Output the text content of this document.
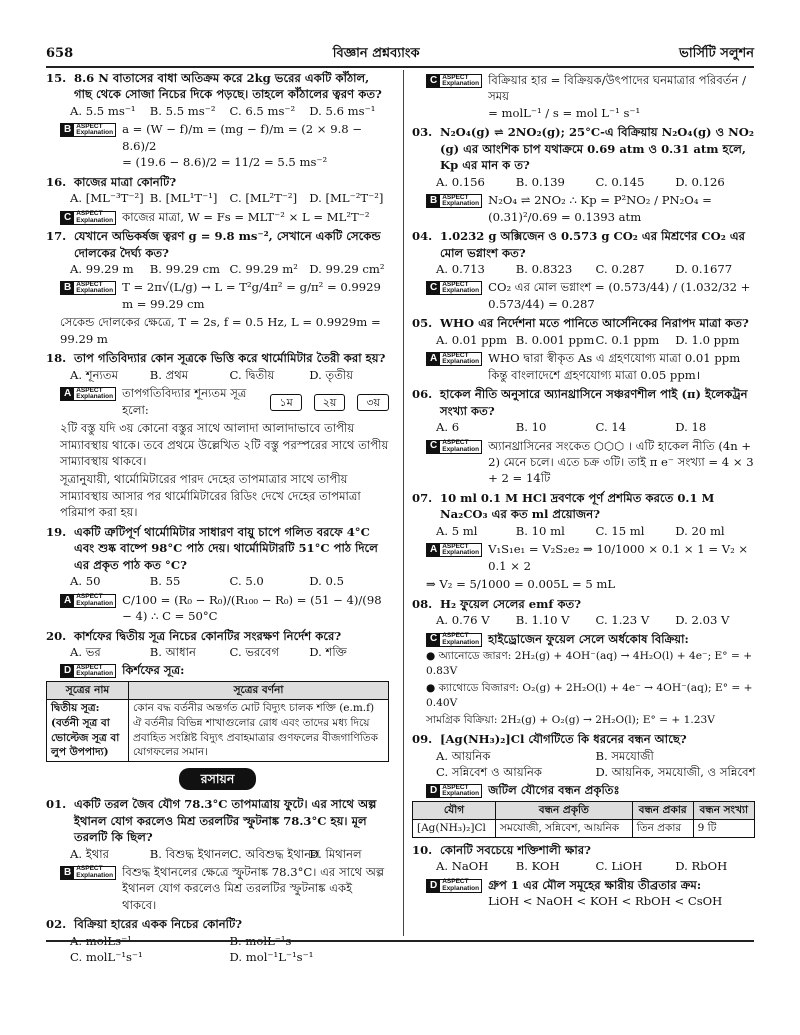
658	বিজ্ঞান প্রশ্নব্যাংক	ভার্সিটি সলুশন
15. 8.6 N বাতাসের বাধা অতিক্রম করে 2kg ভরের একটি কাঁঠাল, গাছ থেকে সোজা নিচের দিকে পড়ছে। তাহলে কাঁঠালের ত্বরণ কত?
A. 5.5 ms⁻¹	B. 5.5 ms⁻²	C. 6.5 ms⁻²	D. 5.6 ms⁻¹
B ASPECT
Explanation a = (W − f)/m = (mg − f)/m = (2 × 9.8 − 8.6)/2
= (19.6 − 8.6)/2 = 11/2 = 5.5 ms⁻²
16. কাজের মাত্রা কোনটি?
A. [ML⁻³T⁻²] B. [ML¹T⁻¹]	C. [ML²T⁻²]	D. [ML⁻²T⁻²]
C ASPECT
Explanation কাজের মাত্রা, W = Fs = MLT⁻² × L = ML²T⁻²
17. যেখানে অভিকর্ষজ ত্বরণ g = 9.8 ms⁻², সেখানে একটি সেকেন্ড দোলকের দৈর্ঘ্য কত?
A. 99.29 m	B. 99.29 cm C. 99.29 m² D. 99.29 cm²
B ASPECT
Explanation T = 2π√(L/g) → L = T²g/4π² = g/π² = 0.9929 m = 99.29 cm
সেকেন্ড দোলকের ক্ষেত্রে, T = 2s, f = 0.5 Hz, L = 0.9929m = 99.29 m
18. তাপ গতিবিদ্যার কোন সূত্রকে ভিত্তি করে থার্মোমিটার তৈরী করা হয়?
A. শূন্যতম	B. প্রথম	C. দ্বিতীয়	D. তৃতীয়
A ASPECT
Explanation তাপগতিবিদ্যার শূন্যতম সূত্র হলো:
১ম	২য়	৩য়
২টি বস্তু যদি ৩য় কোনো বস্তুর সাথে আলাদা আলাদাভাবে তাপীয় সাম্যাবস্থায় থাকে। তবে প্রথমে উল্লেখিত ২টি বস্তু পরস্পরের সাথে তাপীয় সাম্যাবস্থায় থাকবে।
সূত্রানুযায়ী, থার্মোমিটারের পারদ দেহের তাপমাত্রার সাথে তাপীয় সাম্যাবস্থায় আসার পর থার্মোমিটারের রিডিং দেখে দেহের তাপমাত্রা পরিমাপ করা হয়।
19. একটি ত্রুটিপূর্ণ থার্মোমিটার সাধারণ বায়ু চাপে গলিত বরফে 4°C এবং শুষ্ক বাষ্পে 98°C পাঠ দেয়। থার্মোমিটারটি 51°C পাঠ দিলে এর প্রকৃত পাঠ কত °C?
A. 50	B. 55	C. 5.0	D. 0.5
A ASPECT
Explanation C/100 = (R₀ − R₀)/(R₁₀₀ − R₀) = (51 − 4)/(98 − 4) ∴ C = 50°C
20. কার্শফের দ্বিতীয় সূত্র নিচের কোনটির সংরক্ষণ নির্দেশ করে?
A. ভর	B. আধান	C. ভরবেগ	D. শক্তি
D ASPECT
Explanation কির্শফের সূত্র:
সূত্রের নাম	সূত্রের বর্ণনা
দ্বিতীয় সূত্র: (বর্তনী সূত্র বা ভোল্টেজ সূত্র বা লুপ উপপাদ্য)	কোন বদ্ধ বর্তনীর অন্তর্গত মোট বিদ্যুৎ চালক শক্তি (e.m.f) ঐ বর্তনীর বিভিন্ন শাখাগুলোর রোধ এবং তাদের মধ্য দিয়ে প্রবাহিত সংশ্লিষ্ট বিদ্যুৎ প্রবাহমাত্রার গুণফলের বীজগাণিতিক যোগফলের সমান।
রসায়ন
01. একটি তরল জৈব যৌগ 78.3°C তাপমাত্রায় ফুটে। এর সাথে অল্প ইথানল যোগ করলেও মিশ্র তরলটির স্ফুটনাঙ্ক 78.3°C হয়। মূল তরলটি কি ছিল?
A. ইথার	B. বিশুদ্ধ ইথানল C. অবিশুদ্ধ ইথানল
D. মিথানল
B ASPECT
Explanation বিশুদ্ধ ইথানলের ক্ষেত্রে স্ফুটনাঙ্ক 78.3°C। এর সাথে অল্প ইথানল যোগ করলেও মিশ্র তরলটির স্ফুটনাঙ্ক একই থাকবে।
02. বিক্রিয়া হারের একক নিচের কোনটি?
A. molLs⁻¹	B. molL⁻¹s
C. molL⁻¹s⁻¹	D. mol⁻¹L⁻¹s⁻¹
C ASPECT
Explanation বিক্রিয়ার হার = বিক্রিয়ক/উৎপাদের ঘনমাত্রার পরিবর্তন / সময়
= molL⁻¹ / s = mol L⁻¹ s⁻¹
03. N₂O₄(g) ⇌ 2NO₂(g); 25°C-এ বিক্রিয়ায় N₂O₄(g) ও NO₂ (g) এর আংশিক চাপ যথাক্রমে 0.69 atm ও 0.31 atm হলে, Kp এর মান ক ত?
A. 0.156	B. 0.139	C. 0.145	D. 0.126
B ASPECT
Explanation N₂O₄ ⇌ 2NO₂ ∴ Kp = P²NO₂ / PN₂O₄ = (0.31)²/0.69 = 0.1393 atm
04. 1.0232 g অক্সিজেন ও 0.573 g CO₂ এর মিশ্রণের CO₂ এর মোল ভগ্নাংশ কত?
A. 0.713	B. 0.8323	C. 0.287	D. 0.1677
C ASPECT
Explanation CO₂ এর মোল ভগ্নাংশ = (0.573/44) / (1.032/32 + 0.573/44) = 0.287
05. WHO এর নির্দেশনা মতে পানিতে আর্সেনিকের নিরাপদ মাত্রা কত?
A. 0.01 ppm B. 0.001 ppm C. 0.1 ppm	D. 1.0 ppm
A ASPECT
Explanation WHO দ্বারা স্বীকৃত As এ গ্রহণযোগ্য মাত্রা 0.01 ppm কিন্তু বাংলাদেশে গ্রহণযোগ্য মাত্রা 0.05 ppm।
06. হাকেল নীতি অনুসারে অ্যানথ্রাসিনে সঞ্চরণশীল পাই (π) ইলেকট্রন সংখ্যা কত?
A. 6	B. 10	C. 14	D. 18
C ASPECT
Explanation অ্যানথ্রাসিনের সংকেত ⬡⬡⬡ । এটি হাকেল নীতি (4n + 2) মেনে চলে। এতে চক্র ৩টি। তাই π e⁻ সংখ্যা = 4 × 3 + 2 = 14টি
07. 10 ml 0.1 M HCl দ্রবণকে পূর্ণ প্রশমিত করতে 0.1 M Na₂CO₃ এর কত ml প্রয়োজন?
A. 5 ml	B. 10 ml	C. 15 ml	D. 20 ml
A ASPECT
Explanation V₁S₁e₁ = V₂S₂e₂ ⇒ 10/1000 × 0.1 × 1 = V₂ × 0.1 × 2
⇒ V₂ = 5/1000 = 0.005L = 5 mL
08. H₂ ফুয়েল সেলের emf কত?
A. 0.76 V	B. 1.10 V	C. 1.23 V	D. 2.03 V
C ASPECT
Explanation হাইড্রোজেন ফুয়েল সেলে অর্ধকোষ বিক্রিয়া:
● অ্যানোডে জারণ: 2H₂(g) + 4OH⁻(aq) → 4H₂O(l) + 4e⁻; E° = + 0.83V
● ক্যাথোডে বিজারণ: O₂(g) + 2H₂O(l) + 4e⁻ → 4OH⁻(aq); E° = + 0.40V
সামগ্রিক বিক্রিয়া: 2H₂(g) + O₂(g) → 2H₂O(l); E° = + 1.23V
09. [Ag(NH₃)₂]Cl যৌগটিতে কি ধরনের বন্ধন আছে?
A. আয়নিক	B. সমযোজী
C. সন্নিবেশ ও আয়নিক	D. আয়নিক, সমযোজী, ও সন্নিবেশ
D ASPECT
Explanation জটিল যৌগের বন্ধন প্রকৃতিঃ
যৌগ	বন্ধন প্রকৃতি	বন্ধন প্রকার	বন্ধন সংখ্যা
[Ag(NH₃)₂]Cl	সমযোজী, সন্নিবেশ, আয়নিক	তিন প্রকার	9 টি
10. কোনটি সবচেয়ে শক্তিশালী ক্ষার?
A. NaOH	B. KOH	C. LiOH	D. RbOH
D ASPECT
Explanation গ্রুপ 1 এর মৌল সমূহের ক্ষারীয় তীব্রতার ক্রম:
LiOH < NaOH < KOH < RbOH < CsOH
